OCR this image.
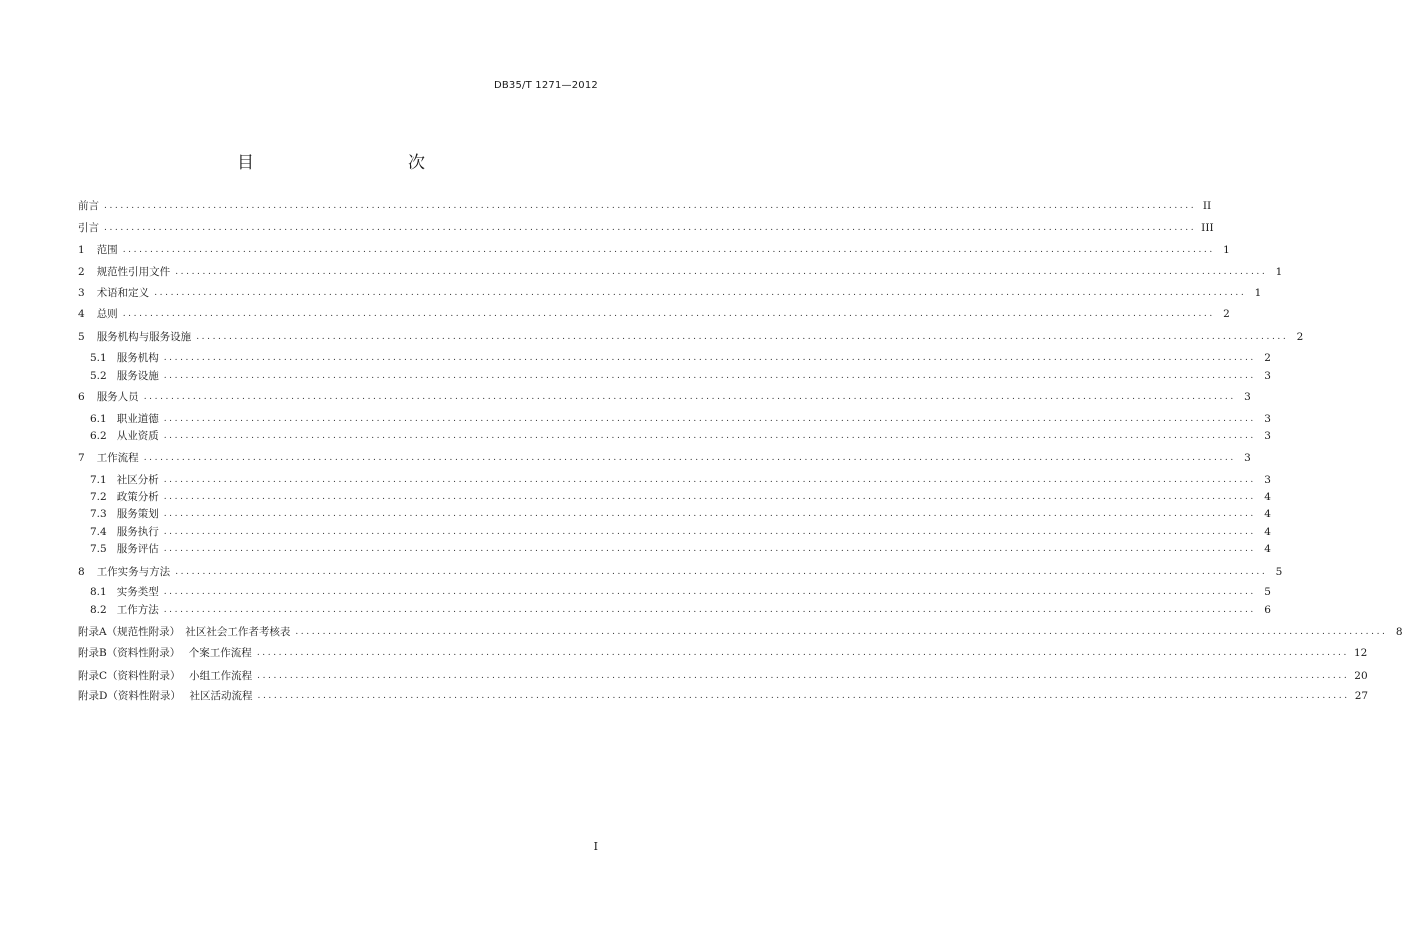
DB35/T 1271—2012
目　　次
前言 ........................................................................................................................................................................................................ II
引言 ........................................................................................................................................................................................................ III
1 范围 ........................................................................................................................................................................................................ 1
2 规范性引用文件 ........................................................................................................................................................................................................ 1
3 术语和定义 ........................................................................................................................................................................................................ 1
4 总则 ........................................................................................................................................................................................................ 2
5 服务机构与服务设施 ........................................................................................................................................................................................................ 2
5.1 服务机构 ........................................................................................................................................................................................................ 2
5.2 服务设施 ........................................................................................................................................................................................................ 3
6 服务人员 ........................................................................................................................................................................................................ 3
6.1 职业道德 ........................................................................................................................................................................................................ 3
6.2 从业资质 ........................................................................................................................................................................................................ 3
7 工作流程 ........................................................................................................................................................................................................ 3
7.1 社区分析 ........................................................................................................................................................................................................ 3
7.2 政策分析 ........................................................................................................................................................................................................ 4
7.3 服务策划 ........................................................................................................................................................................................................ 4
7.4 服务执行 ........................................................................................................................................................................................................ 4
7.5 服务评估 ........................................................................................................................................................................................................ 4
8 工作实务与方法 ........................................................................................................................................................................................................ 5
8.1 实务类型 ........................................................................................................................................................................................................ 5
8.2 工作方法 ........................................................................................................................................................................................................ 6
附录A（规范性附录）　社区社会工作者考核表 ........................................................................................................................................................................................................ 8
附录B（资料性附录）　 个案工作流程 ........................................................................................................................................................................................................ 12
附录C（资料性附录）　 小组工作流程 ........................................................................................................................................................................................................ 20
附录D（资料性附录）　 社区活动流程 ........................................................................................................................................................................................................ 27
I
